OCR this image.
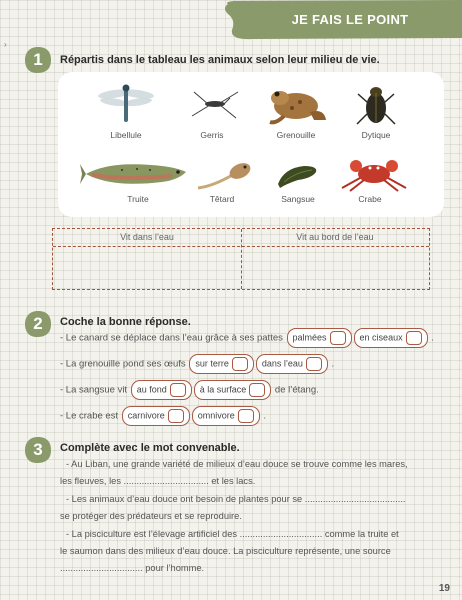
JE FAIS LE POINT
›
1	Répartis dans le tableau les animaux selon leur milieu de vie.
Libellule	Gerris	Grenouille	Dytique
Truite	Têtard	Sangsue	Crabe
Vit dans l’eau	Vit au bord de l’eau
2	Coche la bonne réponse.
- Le canard se déplace dans l’eau grâce à ses pattes palmées	en ciseaux	.
- La grenouille pond ses œufs sur terre	dans l’eau	.
- La sangsue vit au fond	à la surface	de l’étang.
- Le crabe est carnivore	omnivore	.
3	Complète avec le mot convenable.
- Au Liban, une grande variété de milieux d’eau douce se trouve comme les mares,
les fleuves, les ................................. et les lacs.
- Les animaux d’eau douce ont besoin de plantes pour se .......................................
se protéger des prédateurs et se reproduire.
- La pisciculture est l’élevage artificiel des ................................ comme la truite et
le saumon dans des milieux d’eau douce. La pisciculture représente, une source
................................ pour l’homme.
19
